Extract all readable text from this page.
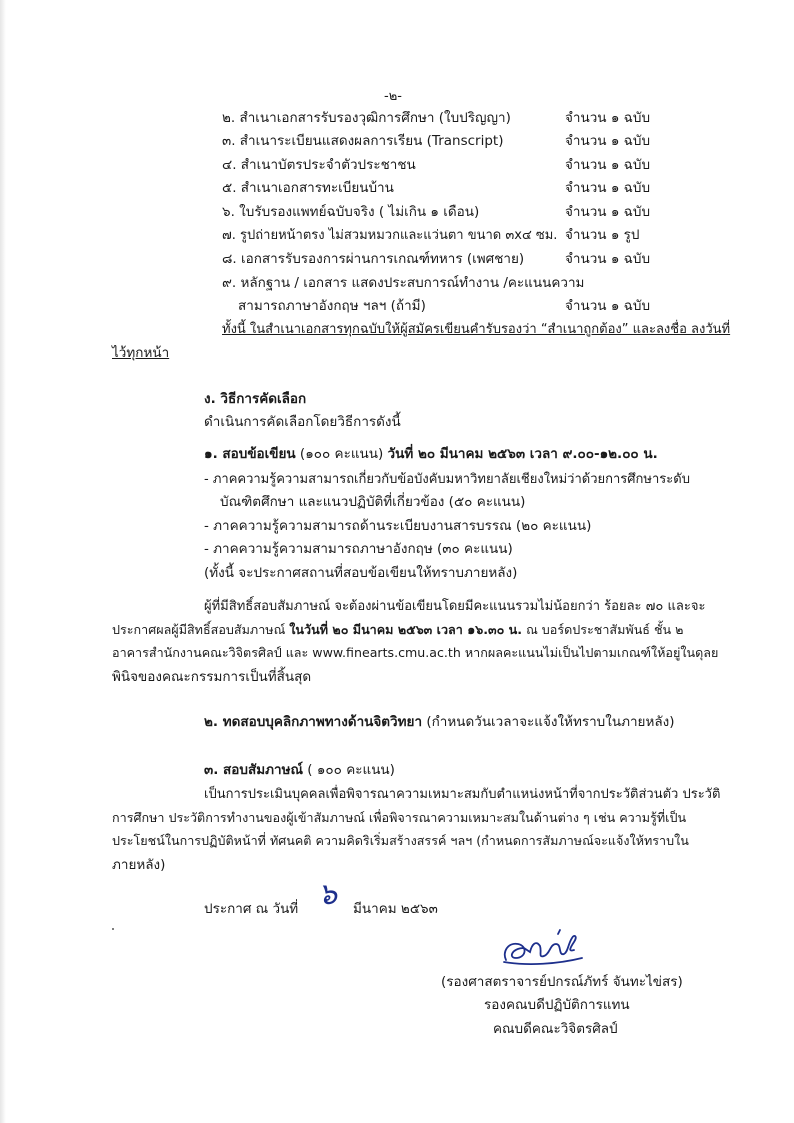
-๒-
๒. สำเนาเอกสารรับรองวุฒิการศึกษา (ใบปริญญา)	จำนวน ๑ ฉบับ
๓. สำเนาระเบียนแสดงผลการเรียน (Transcript)	จำนวน ๑ ฉบับ
๔. สำเนาบัตรประจำตัวประชาชน	จำนวน ๑ ฉบับ
๕. สำเนาเอกสารทะเบียนบ้าน	จำนวน ๑ ฉบับ
๖. ใบรับรองแพทย์ฉบับจริง ( ไม่เกิน ๑ เดือน)	จำนวน ๑ ฉบับ
๗. รูปถ่ายหน้าตรง ไม่สวมหมวกและแว่นตา ขนาด ๓x๔ ซม. จำนวน ๑ รูป
๘. เอกสารรับรองการผ่านการเกณฑ์ทหาร (เพศชาย)	จำนวน ๑ ฉบับ
๙. หลักฐาน / เอกสาร แสดงประสบการณ์ทำงาน /คะแนนความ
สามารถภาษาอังกฤษ ฯลฯ (ถ้ามี)	จำนวน ๑ ฉบับ
ทั้งนี้ ในสำเนาเอกสารทุกฉบับให้ผู้สมัครเขียนคำรับรองว่า “สำเนาถูกต้อง” และลงชื่อ ลงวันที่
ไว้ทุกหน้า
ง. วิธีการคัดเลือก
ดำเนินการคัดเลือกโดยวิธีการดังนี้
๑. สอบข้อเขียน (๑๐๐ คะแนน) วันที่ ๒๐ มีนาคม ๒๕๖๓ เวลา ๙.๐๐-๑๒.๐๐ น.
- ภาคความรู้ความสามารถเกี่ยวกับข้อบังคับมหาวิทยาลัยเชียงใหม่ว่าด้วยการศึกษาระดับ
บัณฑิตศึกษา และแนวปฏิบัติที่เกี่ยวข้อง (๕๐ คะแนน)
- ภาคความรู้ความสามารถด้านระเบียบงานสารบรรณ (๒๐ คะแนน)
- ภาคความรู้ความสามารถภาษาอังกฤษ (๓๐ คะแนน)
(ทั้งนี้ จะประกาศสถานที่สอบข้อเขียนให้ทราบภายหลัง)
ผู้ที่มีสิทธิ์สอบสัมภาษณ์ จะต้องผ่านข้อเขียนโดยมีคะแนนรวมไม่น้อยกว่า ร้อยละ ๗๐ และจะ
ประกาศผลผู้มีสิทธิ์สอบสัมภาษณ์ ในวันที่ ๒๐ มีนาคม ๒๕๖๓ เวลา ๑๖.๓๐ น. ณ บอร์ดประชาสัมพันธ์ ชั้น ๒
อาคารสำนักงานคณะวิจิตรศิลป์ และ www.finearts.cmu.ac.th หากผลคะแนนไม่เป็นไปตามเกณฑ์ให้อยู่ในดุลย
พินิจของคณะกรรมการเป็นที่สิ้นสุด
๒. ทดสอบบุคลิกภาพทางด้านจิตวิทยา (กำหนดวันเวลาจะแจ้งให้ทราบในภายหลัง)
๓. สอบสัมภาษณ์ ( ๑๐๐ คะแนน)
เป็นการประเมินบุคคลเพื่อพิจารณาความเหมาะสมกับตำแหน่งหน้าที่จากประวัติส่วนตัว ประวัติ
การศึกษา ประวัติการทำงานของผู้เข้าสัมภาษณ์ เพื่อพิจารณาความเหมาะสมในด้านต่าง ๆ เช่น ความรู้ที่เป็น
ประโยชน์ในการปฏิบัติหน้าที่ ทัศนคติ ความคิดริเริ่มสร้างสรรค์ ฯลฯ (กำหนดการสัมภาษณ์จะแจ้งให้ทราบใน
ภายหลัง)
ประกาศ ณ วันที่ ๖ มีนาคม ๒๕๖๓
(รองศาสตราจารย์ปกรณ์ภัทร์ จันทะไข่สร)
รองคณบดีปฏิบัติการแทน
คณบดีคณะวิจิตรศิลป์
